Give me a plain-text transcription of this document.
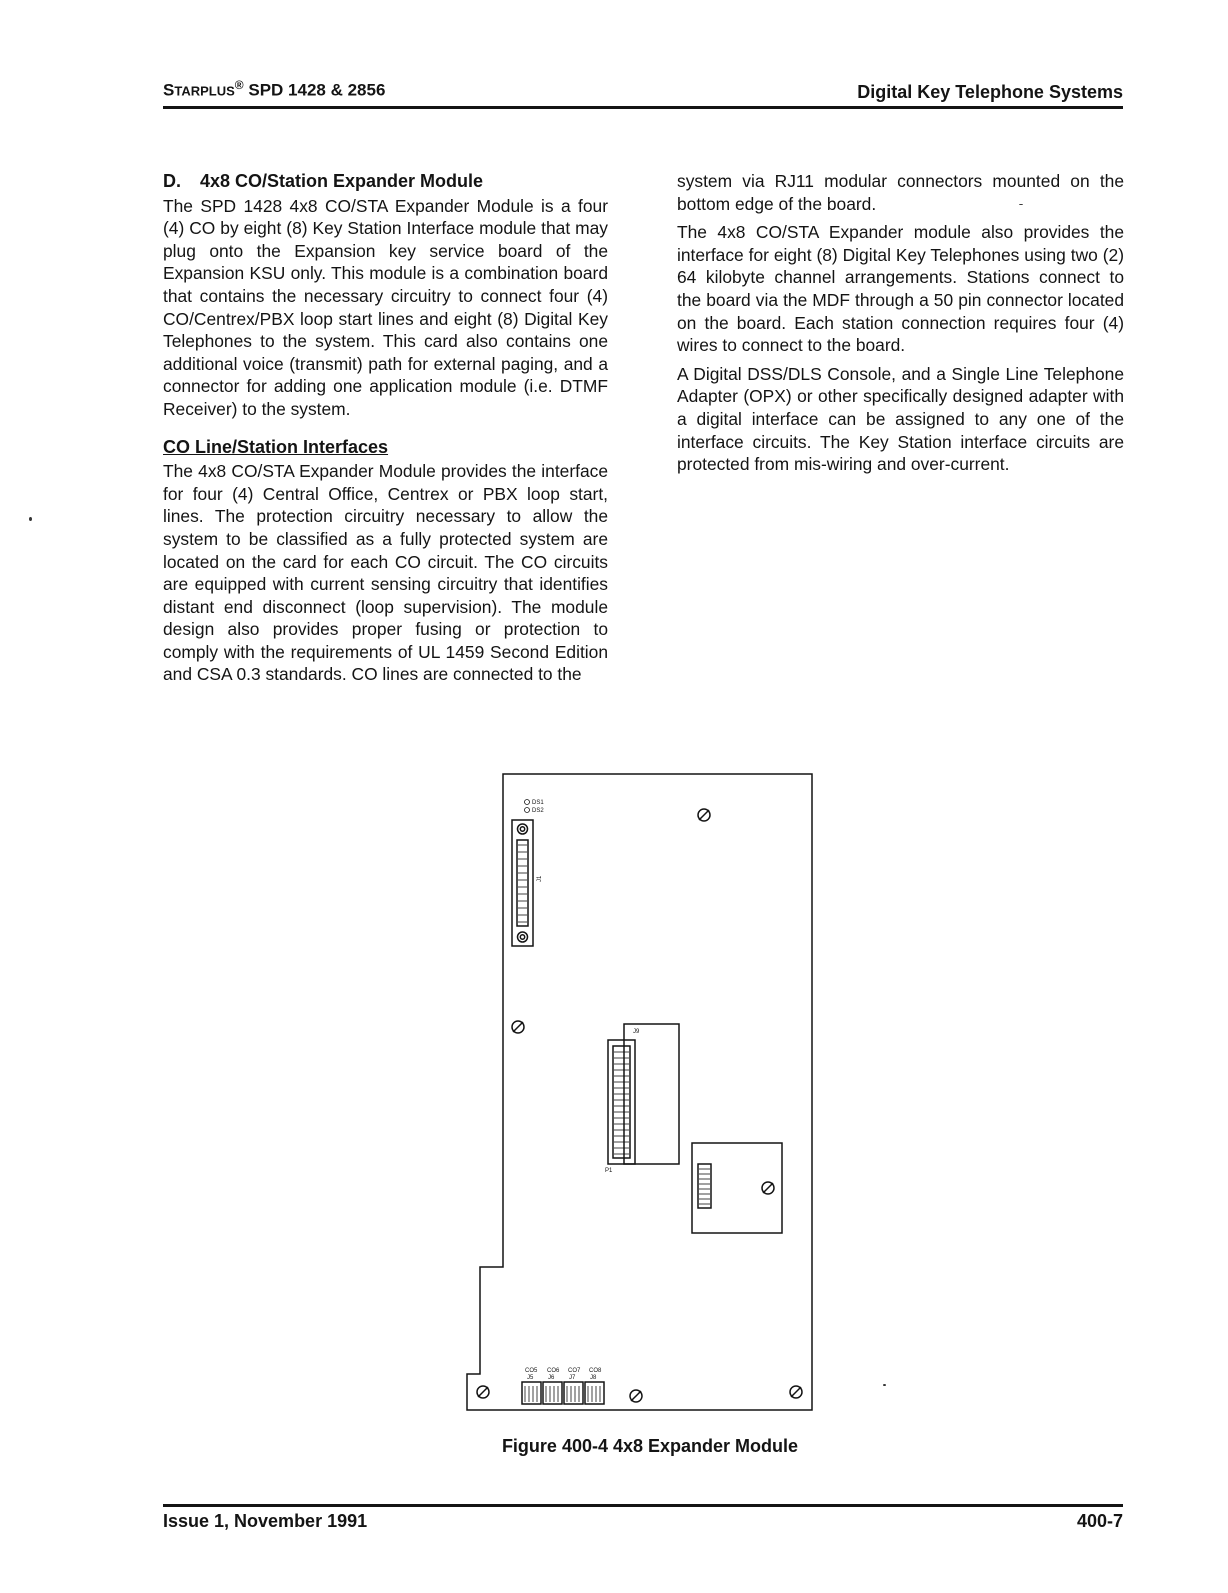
STARPLUS® SPD 1428 & 2856	Digital Key Telephone Systems
D. 4x8 CO/Station Expander Module

The SPD 1428 4x8 CO/STA Expander Module is a four (4) CO by eight (8) Key Station Interface module that may plug onto the Expansion key service board of the Expansion KSU only. This module is a combination board that contains the necessary circuitry to connect four (4) CO/Centrex/PBX loop start lines and eight (8) Digital Key Telephones to the system. This card also contains one additional voice (transmit) path for external paging, and a connector for adding one application module (i.e. DTMF Receiver) to the system.

CO Line/Station Interfaces

The 4x8 CO/STA Expander Module provides the interface for four (4) Central Office, Centrex or PBX loop start, lines. The protection circuitry necessary to allow the system to be classified as a fully protected system are located on the card for each CO circuit. The CO circuits are equipped with current sensing circuitry that identifies distant end disconnect (loop supervision). The module design also provides proper fusing or protection to comply with the requirements of UL 1459 Second Edition and CSA 0.3 standards. CO lines are connected to the

system via RJ11 modular connectors mounted on the bottom edge of the board.

The 4x8 CO/STA Expander module also provides the interface for eight (8) Digital Key Telephones using two (2) 64 kilobyte channel arrangements. Stations connect to the board via the MDF through a 50 pin connector located on the board. Each station connection requires four (4) wires to connect to the board.

A Digital DSS/DLS Console, and a Single Line Telephone Adapter (OPX) or other specifically designed adapter with a digital interface can be assigned to any one of the interface circuits. The Key Station interface circuits are protected from mis-wiring and over-current.

DS1
DS2
J1
J9
P1
CO5 CO6 CO7 CO8
J5 J6 J7 J8
Figure 400-4 4x8 Expander Module
Issue 1, November 1991	400-7
